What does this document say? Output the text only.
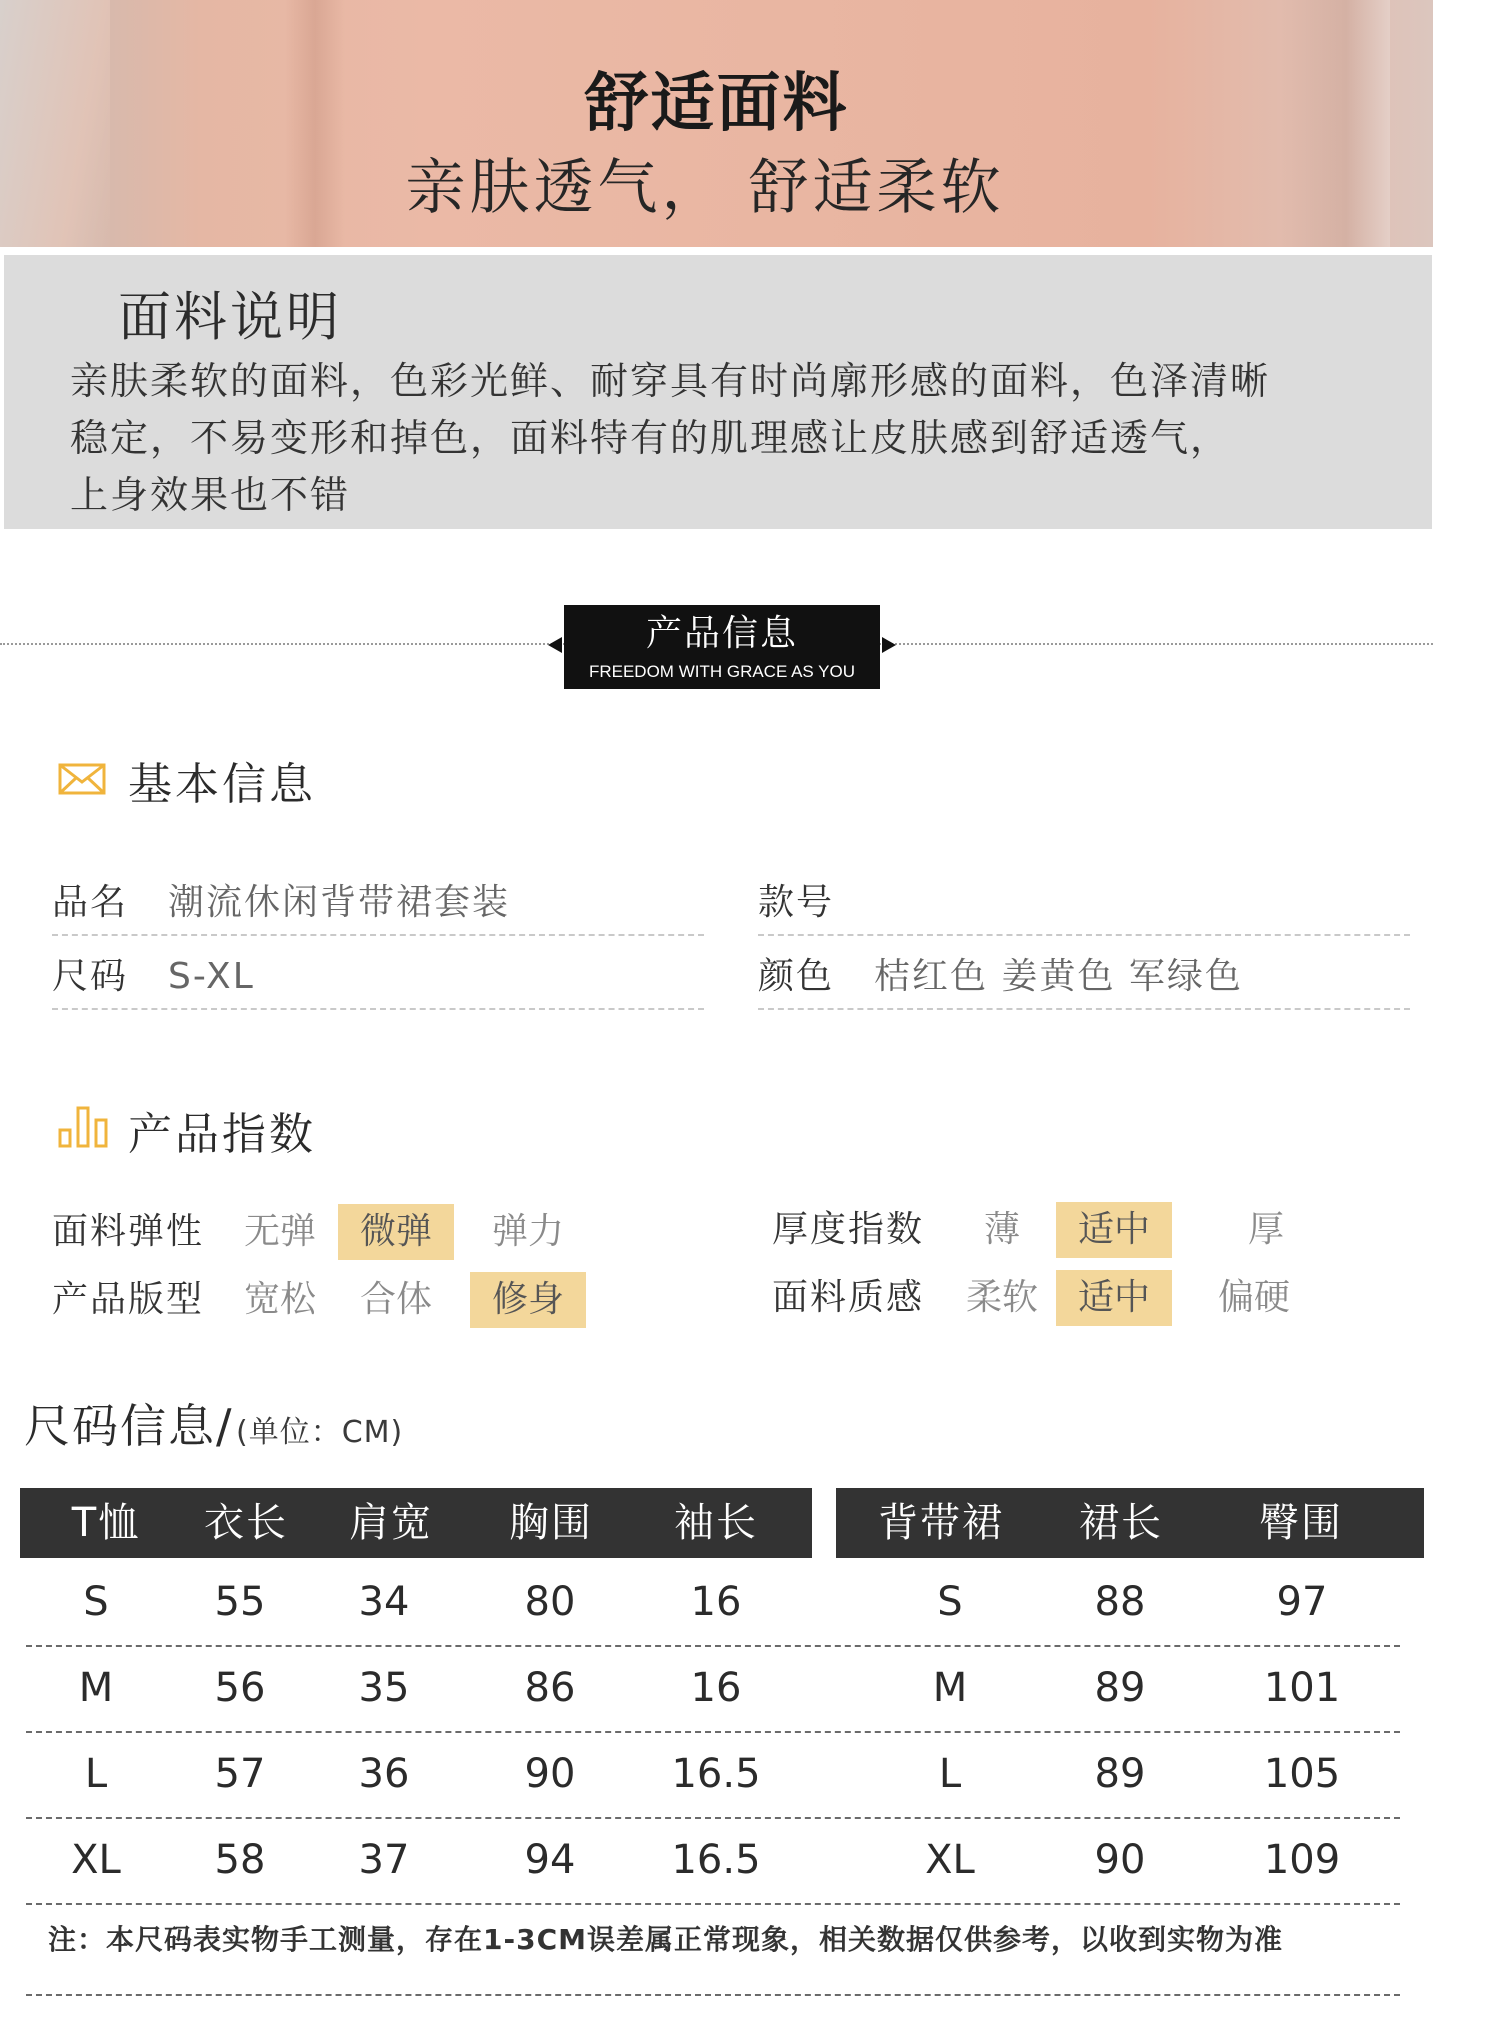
舒适面料
亲肤透气， 舒适柔软
面料说明
亲肤柔软的面料，色彩光鲜、耐穿具有时尚廓形感的面料，色泽清晰
稳定，不易变形和掉色，面料特有的肌理感让皮肤感到舒适透气，
上身效果也不错
产品信息
FREEDOM WITH GRACE AS YOU
基本信息
品名 潮流休闲背带裙套装	款号
尺码 S-XL	颜色 桔红色 姜黄色 军绿色
产品指数
面料弹性	无弹	微弹	弹力
产品版型	宽松	合体	修身
厚度指数	薄	适中	厚
面料质感	柔软	适中	偏硬
尺码信息/ (单位：CM)
T恤	衣长	肩宽	胸围	袖长	背带裙	裙长	臀围
S	55	34	80	16	S	88	97
M	56	35	86	16	M	89	101
L	57	36	90	16.5	L	89	105
XL	58	37	94	16.5	XL	90	109
注：本尺码表实物手工测量，存在1-3CM误差属正常现象，相关数据仅供参考，以收到实物为准
